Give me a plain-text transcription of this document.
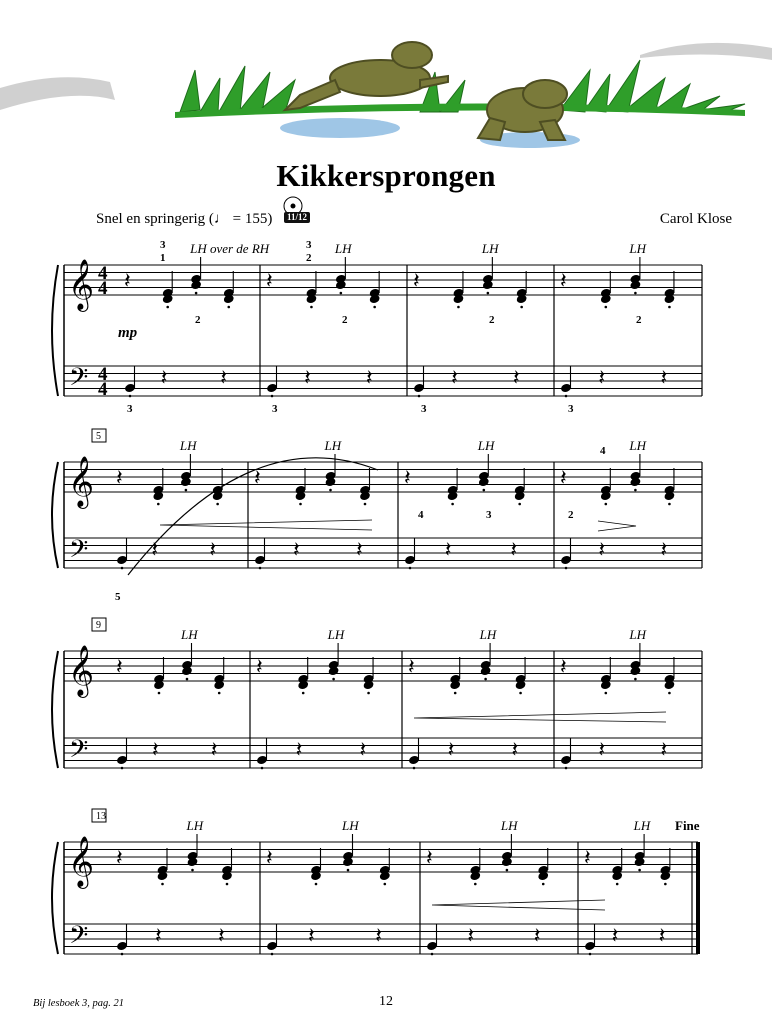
Kikkersprongen
Snel en springerig (♩ = 155)	11/12	Carol Klose
𝄞
𝄢
4
4
4
4
𝄽
LH over de RH
𝄽 𝄽
𝄽
LH
𝄽	𝄽
𝄽
LH
𝄽	𝄽
𝄽
LH
𝄽	𝄽
3	3	3	3
3
1
3
2
2	2	2	2
mp
𝄞
𝄢
5
𝄽
LH
𝄽 𝄽
𝄽
LH
𝄽	𝄽
𝄽
LH
𝄽	𝄽
𝄽
LH
𝄽	𝄽
5
4	3	2
4
𝄞
𝄢
9
𝄽
LH
𝄽 𝄽
𝄽
LH
𝄽	𝄽
𝄽
LH
𝄽	𝄽
𝄽
LH
𝄽	𝄽
Fine
𝄞
𝄢
13
𝄽
LH
𝄽	𝄽
𝄽
LH
𝄽	𝄽
𝄽
LH
𝄽	𝄽
𝄽
LH
𝄽 𝄽
Bij lesboek 3, pag. 21	12
